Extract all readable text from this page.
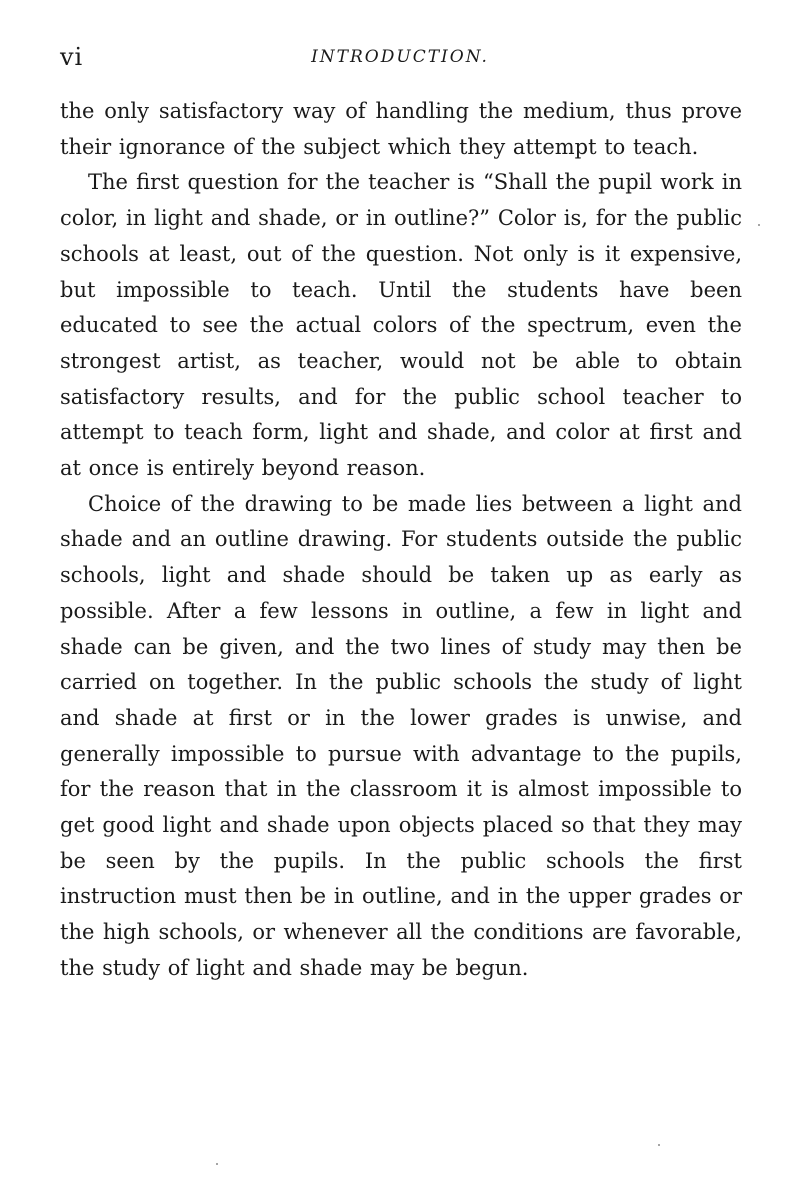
vi	INTRODUCTION.

the only satisfactory way of handling the medium, thus prove their ignorance of the subject which they attempt to teach.

The first question for the teacher is “Shall the pupil work in color, in light and shade, or in outline?” Color is, for the public schools at least, out of the question. Not only is it expensive, but impossible to teach. Until the students have been educated to see the actual colors of the spectrum, even the strongest artist, as teacher, would not be able to obtain satisfactory results, and for the public school teacher to attempt to teach form, light and shade, and color at first and at once is entirely beyond reason.

Choice of the drawing to be made lies between a light and shade and an outline drawing. For students outside the public schools, light and shade should be taken up as early as possible. After a few lessons in outline, a few in light and shade can be given, and the two lines of study may then be carried on together. In the public schools the study of light and shade at first or in the lower grades is unwise, and generally impossible to pursue with advantage to the pupils, for the reason that in the classroom it is almost impossible to get good light and shade upon objects placed so that they may be seen by the pupils. In the public schools the first instruction must then be in outline, and in the upper grades or the high schools, or whenever all the conditions are favorable, the study of light and shade may be begun.
